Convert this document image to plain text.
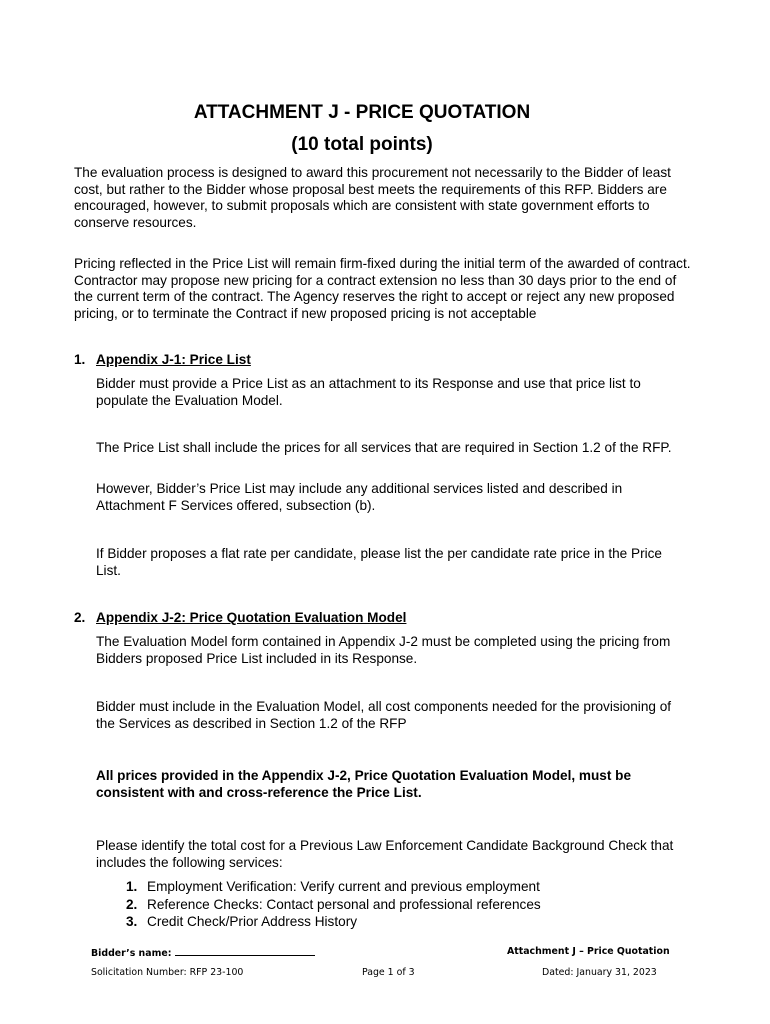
ATTACHMENT J - PRICE QUOTATION
(10 total points)
The evaluation process is designed to award this procurement not necessarily to the Bidder of least cost, but rather to the Bidder whose proposal best meets the requirements of this RFP. Bidders are encouraged, however, to submit proposals which are consistent with state government efforts to conserve resources.
Pricing reflected in the Price List will remain firm-fixed during the initial term of the awarded of contract. Contractor may propose new pricing for a contract extension no less than 30 days prior to the end of the current term of the contract. The Agency reserves the right to accept or reject any new proposed pricing, or to terminate the Contract if new proposed pricing is not acceptable
1. Appendix J-1: Price List
Bidder must provide a Price List as an attachment to its Response and use that price list to populate the Evaluation Model.
The Price List shall include the prices for all services that are required in Section 1.2 of the RFP.
However, Bidder’s Price List may include any additional services listed and described in Attachment F Services offered, subsection (b).
If Bidder proposes a flat rate per candidate, please list the per candidate rate price in the Price List.
2. Appendix J-2: Price Quotation Evaluation Model
The Evaluation Model form contained in Appendix J-2 must be completed using the pricing from Bidders proposed Price List included in its Response.
Bidder must include in the Evaluation Model, all cost components needed for the provisioning of the Services as described in Section 1.2 of the RFP
All prices provided in the Appendix J-2, Price Quotation Evaluation Model, must be consistent with and cross-reference the Price List.
Please identify the total cost for a Previous Law Enforcement Candidate Background Check that includes the following services:
1. Employment Verification: Verify current and previous employment
2. Reference Checks: Contact personal and professional references
3. Credit Check/Prior Address History
Bidder’s name:	Attachment J – Price Quotation
Solicitation Number: RFP 23-100	Page 1 of 3	Dated: January 31, 2023
